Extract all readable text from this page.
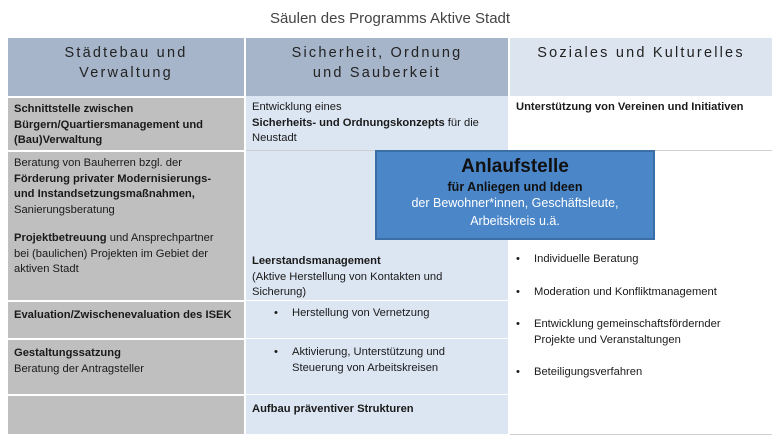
Säulen des Programms Aktive Stadt
Städtebau und
Verwaltung
Sicherheit, Ordnung
und Sauberkeit
Soziales und Kulturelles
Schnittstelle zwischen
Bürgern/Quartiersmanagement und
(Bau)Verwaltung
Beratung von Bauherren bzgl. der
Förderung privater Modernisierungs-
und Instandsetzungsmaßnahmen,
Sanierungsberatung

Projektbetreuung und Ansprechpartner
bei (baulichen) Projekten im Gebiet der
aktiven Stadt
Evaluation/Zwischenevaluation des ISEK
Gestaltungssatzung
Beratung der Antragsteller
Entwicklung eines
Sicherheits- und Ordnungskonzepts für die
Neustadt
Leerstandsmanagement
(Aktive Herstellung von Kontakten und
Sicherung)
• Herstellung von Vernetzung
• Aktivierung, Unterstützung und
Steuerung von Arbeitskreisen
Aufbau präventiver Strukturen
Unterstützung von Vereinen und Initiativen
• Individuelle Beratung
• Moderation und Konfliktmanagement
• Entwicklung gemeinschaftsfördernder
Projekte und Veranstaltungen
• Beteiligungsverfahren
Anlaufstelle
für Anliegen und Ideen
der Bewohner*innen, Geschäftsleute,
Arbeitskreis u.ä.
